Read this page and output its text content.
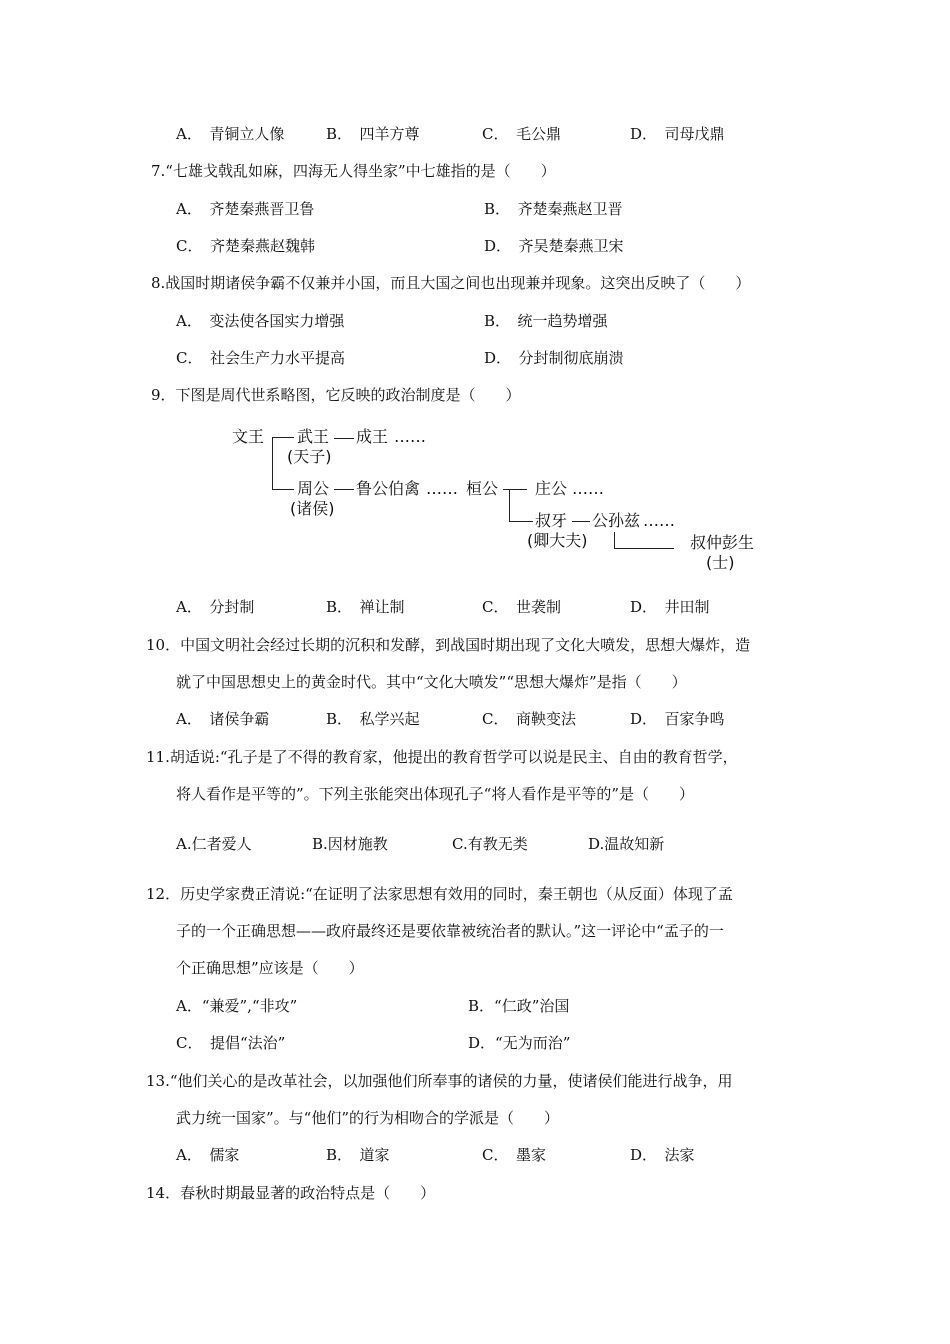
A．　青铜立人像	B．　四羊方尊	C．　毛公鼎	D．　司母戊鼎
7.“七雄戈戟乱如麻，四海无人得坐家”中七雄指的是（　　）
A．　齐楚秦燕晋卫鲁	B．　齐楚秦燕赵卫晋
C．　齐楚秦燕赵魏韩	D．　齐吴楚秦燕卫宋
8.战国时期诸侯争霸不仅兼并小国，而且大国之间也出现兼并现象。这突出反映了（　　）
A．　变法使各国实力增强	B．　统一趋势增强
C．　社会生产力水平提高	D．　分封制彻底崩溃
9．下图是周代世系略图，它反映的政治制度是（　　）
文王 武王 成王 ……
(天子)
周公 鲁公伯禽 …… 桓公
(诸侯)
庄公 ……
叔牙 公孙兹 ……
(卿大夫)	叔仲彭生
(士)
A．　分封制	B．　禅让制	C．　世袭制	D．　井田制
10．中国文明社会经过长期的沉积和发酵，到战国时期出现了文化大喷发，思想大爆炸，造
就了中国思想史上的黄金时代。其中“文化大喷发”“思想大爆炸”是指（　　）
A．　诸侯争霸	B．　私学兴起	C．　商鞅变法	D．　百家争鸣
11.胡适说:“孔子是了不得的教育家，他提出的教育哲学可以说是民主、自由的教育哲学，
将人看作是平等的”。下列主张能突出体现孔子“将人看作是平等的”是（　　）
A.仁者爱人	B.因材施教	C.有教无类	D.温故知新
12．历史学家费正清说:“在证明了法家思想有效用的同时，秦王朝也（从反面）体现了孟
子的一个正确思想——政府最终还是要依靠被统治者的默认。”这一评论中“孟子的一
个正确思想”应该是（　　）
A．“兼爱”,“非攻”	B．“仁政”治国
C．　提倡“法治”	D．“无为而治”
13.“他们关心的是改革社会，以加强他们所奉事的诸侯的力量，使诸侯们能进行战争，用
武力统一国家”。与“他们”的行为相吻合的学派是（　　）
A．　儒家	B．　道家	C．　墨家	D．　法家
14．春秋时期最显著的政治特点是（　　）
